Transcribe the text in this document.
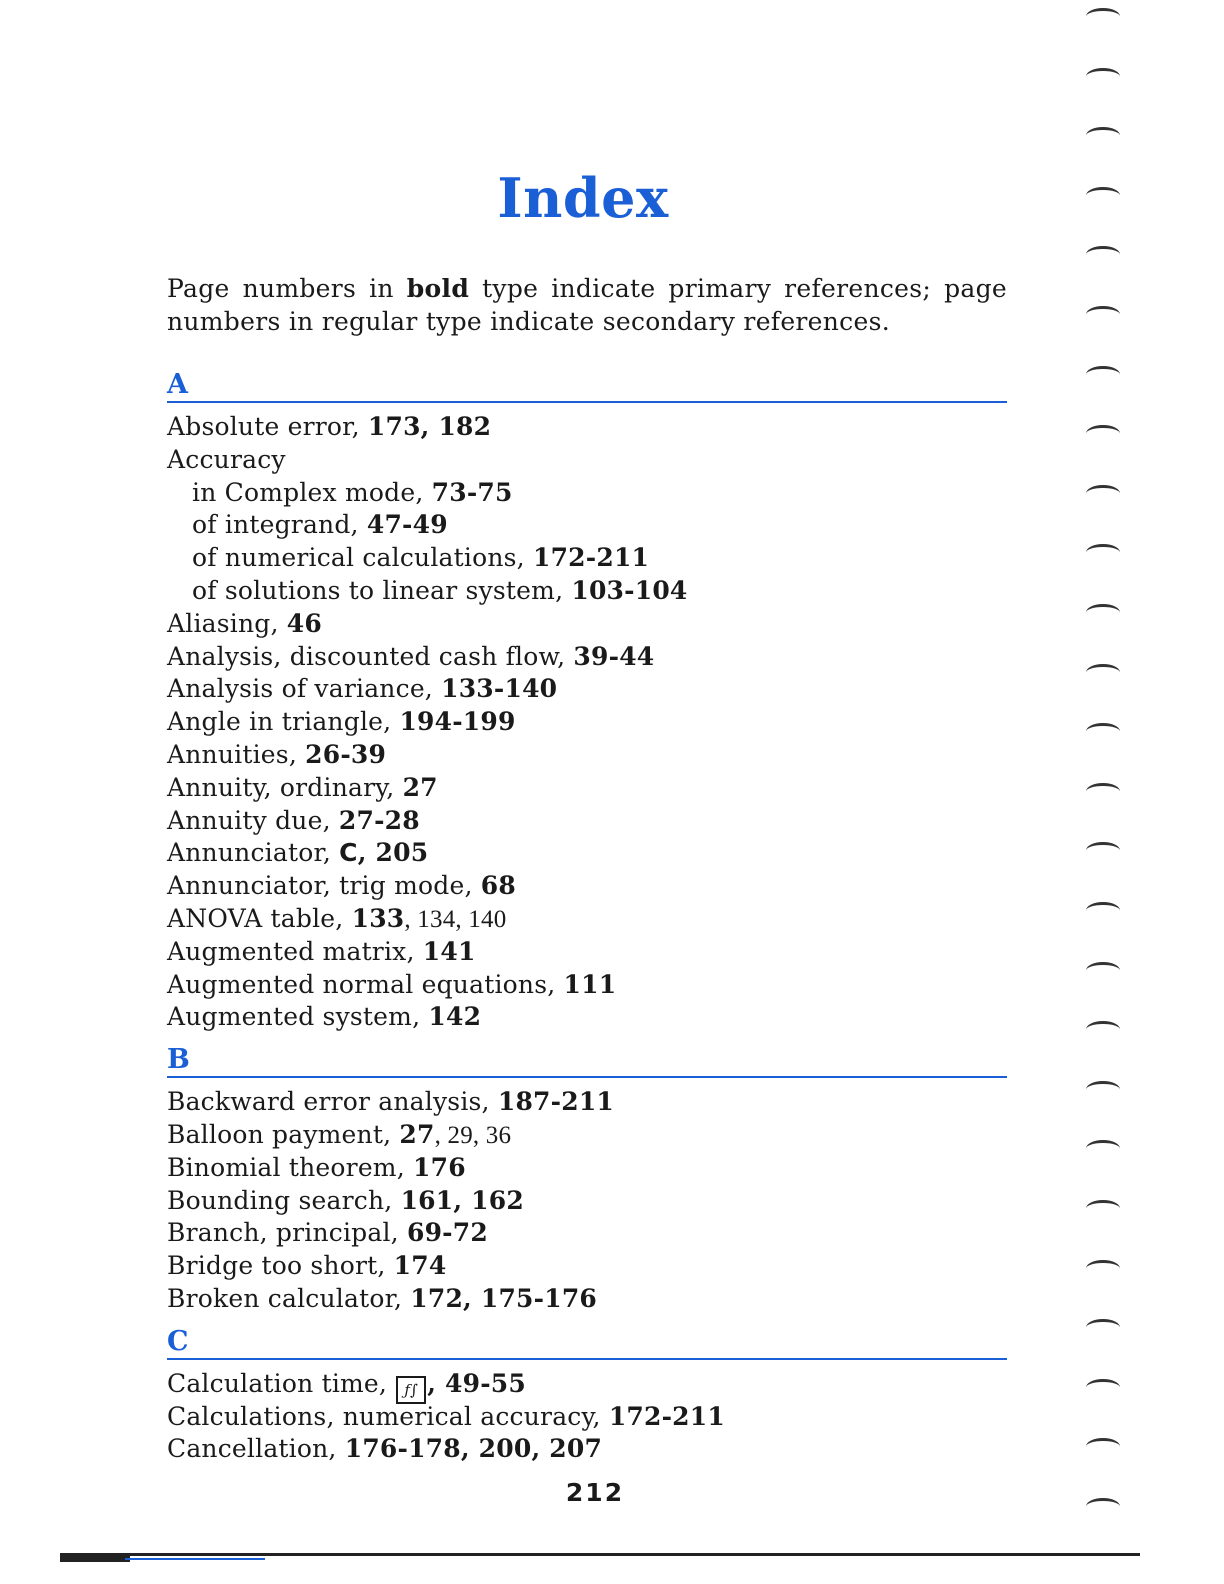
Index
Page numbers in bold type indicate primary references; page numbers in regular type indicate secondary references.
A
Absolute error, 173, 182
Accuracy
in Complex mode, 73-75
of integrand, 47-49
of numerical calculations, 172-211
of solutions to linear system, 103-104
Aliasing, 46
Analysis, discounted cash flow, 39-44
Analysis of variance, 133-140
Angle in triangle, 194-199
Annuities, 26-39
Annuity, ordinary, 27
Annuity due, 27-28
Annunciator, C, 205
Annunciator, trig mode, 68
ANOVA table, 133, 134, 140
Augmented matrix, 141
Augmented normal equations, 111
Augmented system, 142
B
Backward error analysis, 187-211
Balloon payment, 27, 29, 36
Binomial theorem, 176
Bounding search, 161, 162
Branch, principal, 69-72
Bridge too short, 174
Broken calculator, 172, 175-176
C
Calculation time, ƒ∫ , 49-55
Calculations, numerical accuracy, 172-211
Cancellation, 176-178, 200, 207
212
